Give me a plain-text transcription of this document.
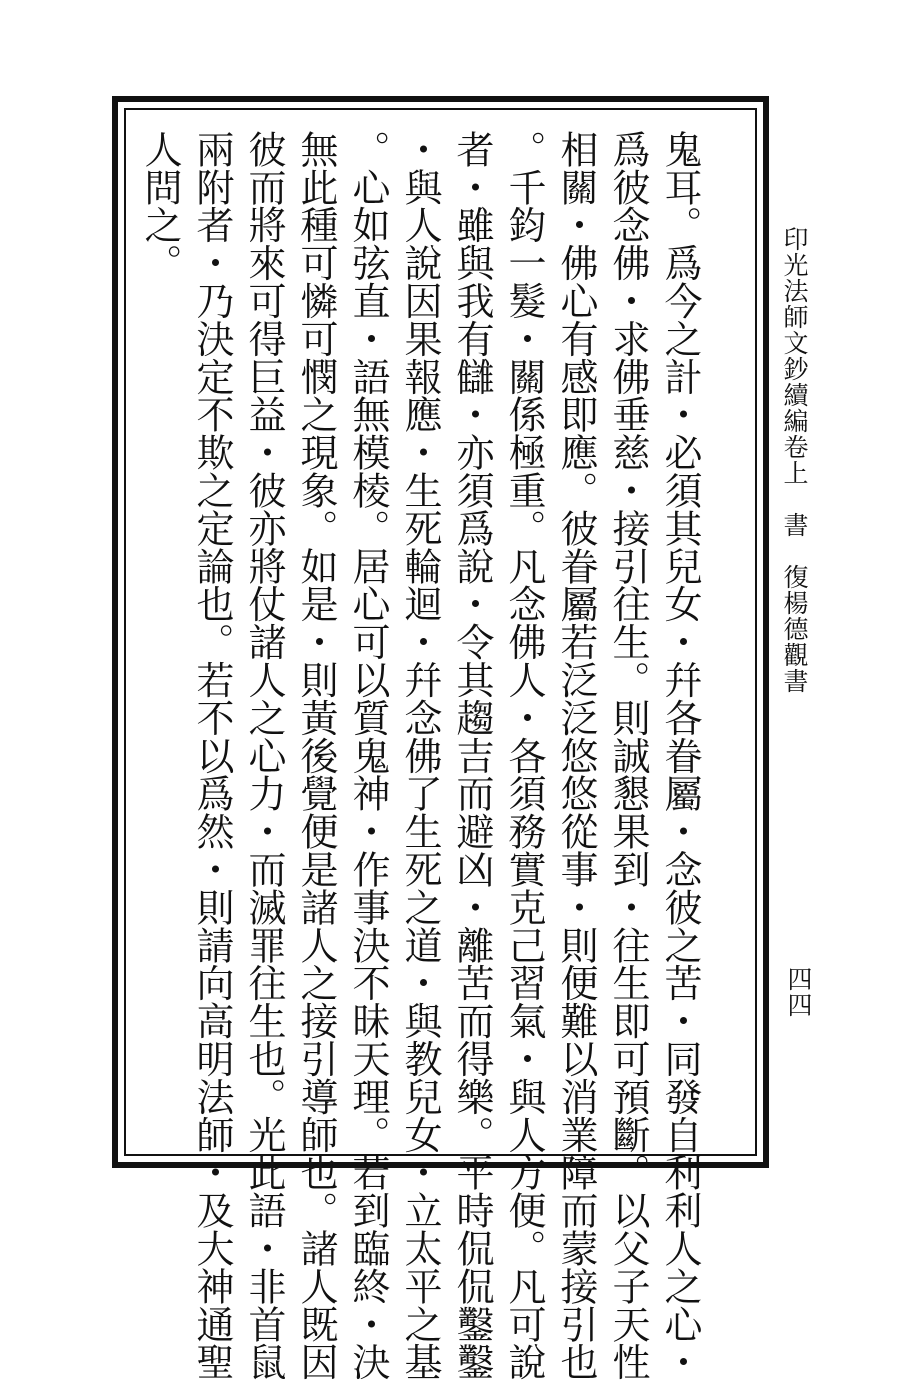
印光法師文鈔續編卷上　書　復楊德觀書
四四
鬼耳。爲今之計・必須其兒女・幷各眷屬・念彼之苦・同發自利利人之心・
爲彼念佛・求佛垂慈・接引往生。則誠懇果到・往生即可預斷。以父子天性
相關・佛心有感即應。彼眷屬若泛泛悠悠從事・則便難以消業障而蒙接引也
。千鈞一髮・關係極重。凡念佛人・各須務實克己習氣・與人方便。凡可說
者・雖與我有讎・亦須爲說・令其趨吉而避凶・離苦而得樂。平時侃侃鑿鑿
・與人說因果報應・生死輪迴・幷念佛了生死之道・與教兒女・立太平之基
。心如弦直・語無模棱。居心可以質鬼神・作事決不昧天理。若到臨終・決
無此種可憐可憫之現象。如是・則黃後覺便是諸人之接引導師也。諸人既因
彼而將來可得巨益・彼亦將仗諸人之心力・而滅罪往生也。光此語・非首鼠
兩附者・乃決定不欺之定論也。若不以爲然・則請向高明法師・及大神通聖
人問之。
